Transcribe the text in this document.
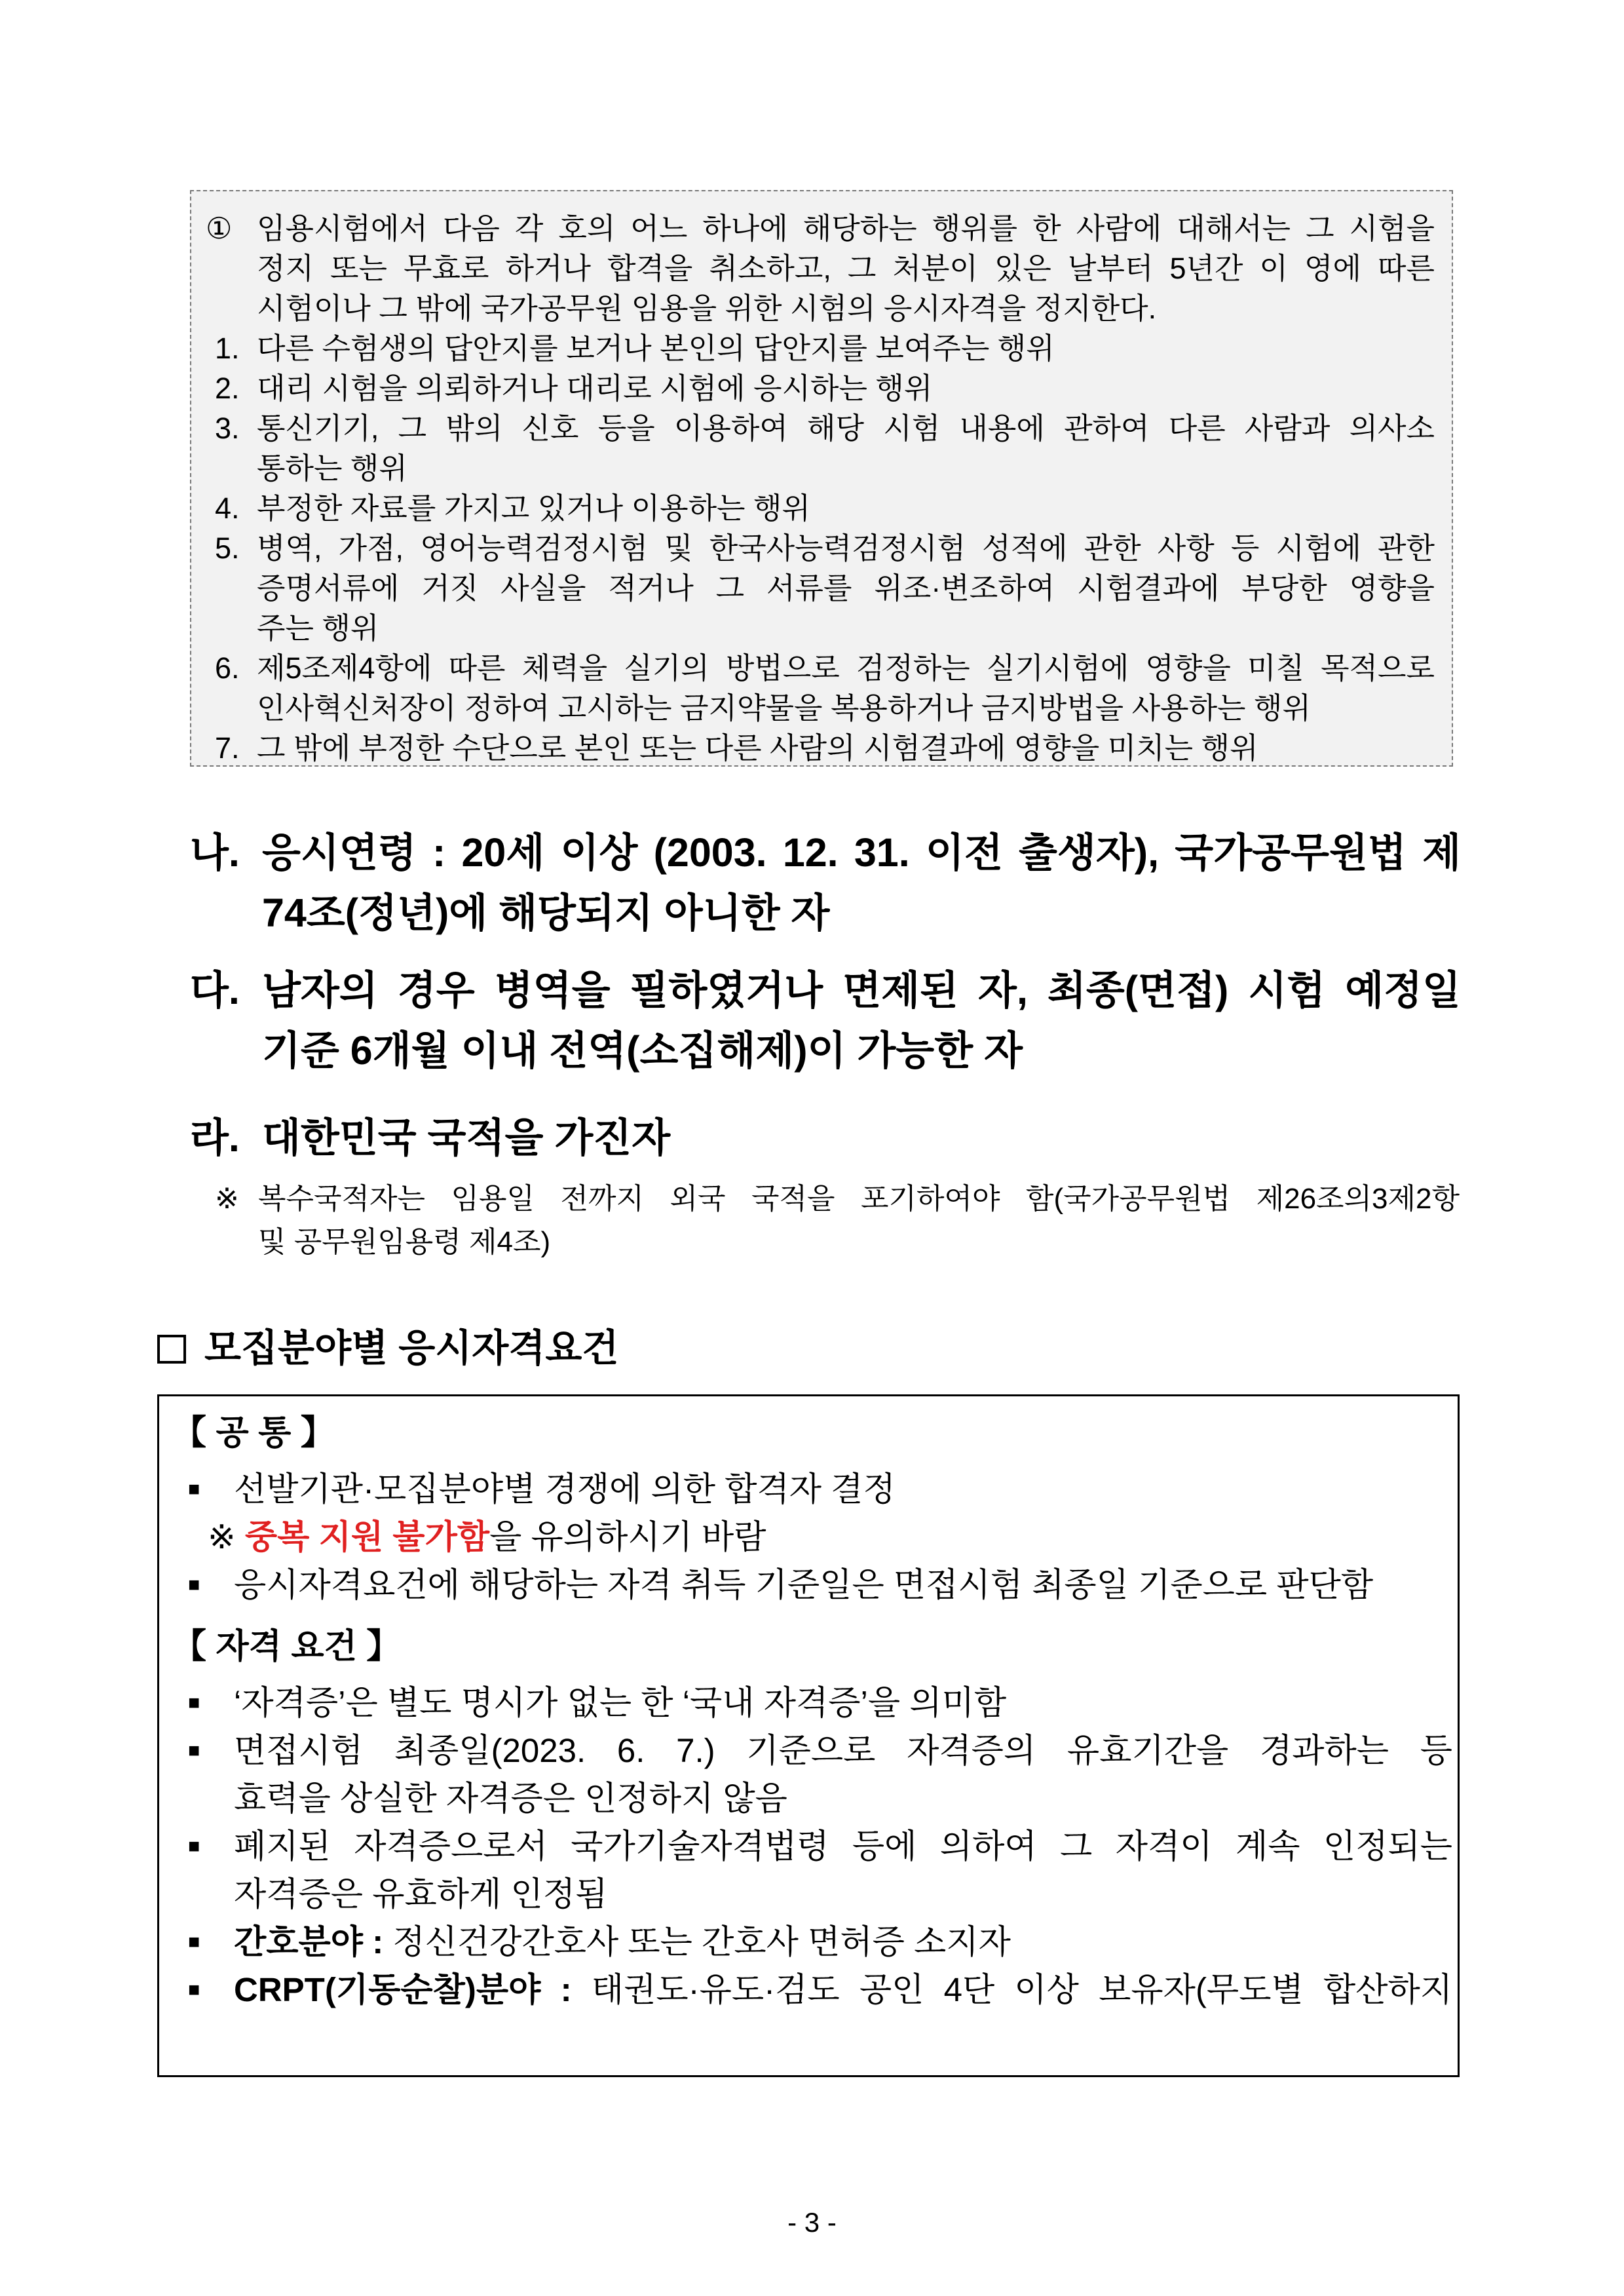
① 임용시험에서 다음 각 호의 어느 하나에 해당하는 행위를 한 사람에 대해서는 그 시험을
정지 또는 무효로 하거나 합격을 취소하고, 그 처분이 있은 날부터 5년간 이 영에 따른
시험이나 그 밖에 국가공무원 임용을 위한 시험의 응시자격을 정지한다.
1. 다른 수험생의 답안지를 보거나 본인의 답안지를 보여주는 행위
2. 대리 시험을 의뢰하거나 대리로 시험에 응시하는 행위
3. 통신기기, 그 밖의 신호 등을 이용하여 해당 시험 내용에 관하여 다른 사람과 의사소
통하는 행위
4. 부정한 자료를 가지고 있거나 이용하는 행위
5. 병역, 가점, 영어능력검정시험 및 한국사능력검정시험 성적에 관한 사항 등 시험에 관한
증명서류에 거짓 사실을 적거나 그 서류를 위조·변조하여 시험결과에 부당한 영향을
주는 행위
6. 제5조제4항에 따른 체력을 실기의 방법으로 검정하는 실기시험에 영향을 미칠 목적으로
인사혁신처장이 정하여 고시하는 금지약물을 복용하거나 금지방법을 사용하는 행위
7. 그 밖에 부정한 수단으로 본인 또는 다른 사람의 시험결과에 영향을 미치는 행위
나. 응시연령 : 20세 이상 (2003. 12. 31. 이전 출생자), 국가공무원법 제
74조(정년)에 해당되지 아니한 자
다. 남자의 경우 병역을 필하였거나 면제된 자, 최종(면접) 시험 예정일
기준 6개월 이내 전역(소집해제)이 가능한 자
라. 대한민국 국적을 가진자
※ 복수국적자는 임용일 전까지 외국 국적을 포기하여야 함(국가공무원법 제26조의3제2항
및 공무원임용령 제4조)
모집분야별 응시자격요건
【 공 통 】
■	선발기관·모집분야별 경쟁에 의한 합격자 결정
※ 중복 지원 불가함을 유의하시기 바람
■	응시자격요건에 해당하는 자격 취득 기준일은 면접시험 최종일 기준으로 판단함
【 자격 요건 】
■	‘자격증’은 별도 명시가 없는 한 ‘국내 자격증’을 의미함
■	면접시험 최종일(2023. 6. 7.) 기준으로 자격증의 유효기간을 경과하는 등
효력을 상실한 자격증은 인정하지 않음
■	폐지된 자격증으로서 국가기술자격법령 등에 의하여 그 자격이 계속 인정되는
자격증은 유효하게 인정됨
■	간호분야 : 정신건강간호사 또는 간호사 면허증 소지자
■	CRPT(기동순찰)분야 : 태권도·유도·검도 공인 4단 이상 보유자(무도별 합산하지
- 3 -
